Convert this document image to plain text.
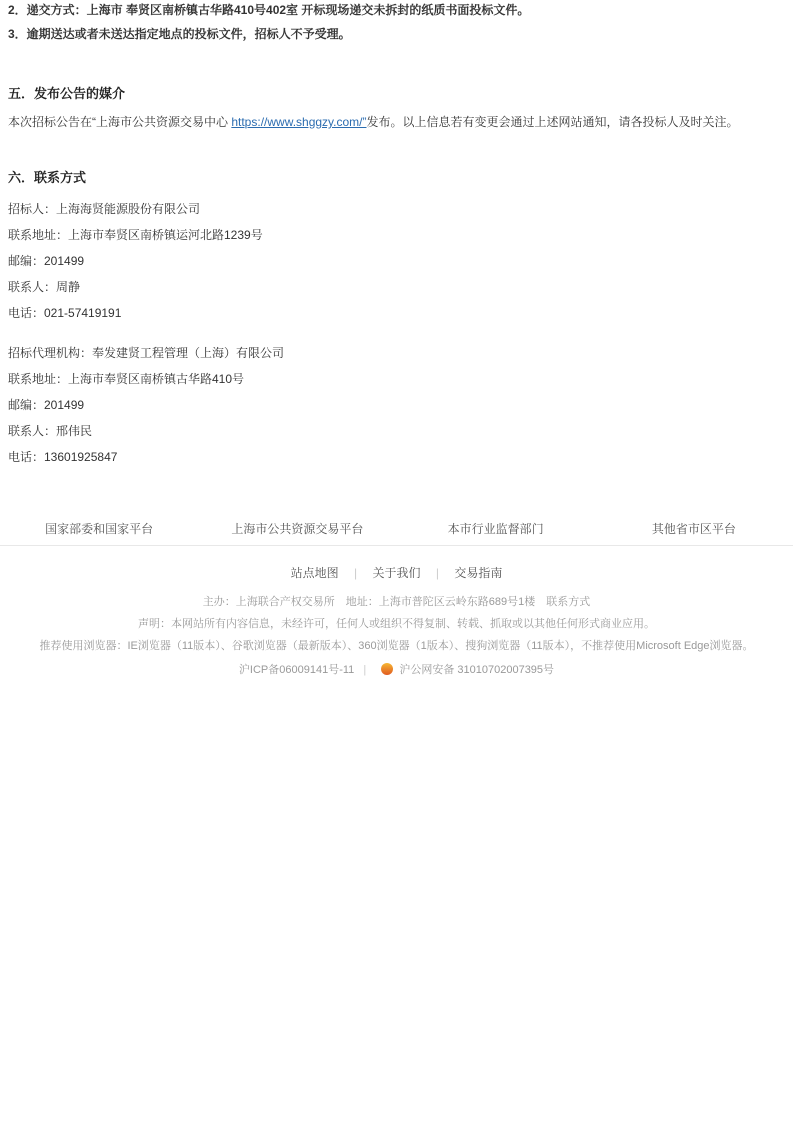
2．递交方式：上海市 奉贤区南桥镇古华路410号402室 开标现场递交未拆封的纸质书面投标文件。

3．逾期送达或者未送达指定地点的投标文件，招标人不予受理。

五．发布公告的媒介

本次招标公告在“上海市公共资源交易中心 https://www.shggzy.com/”发布。以上信息若有变更会通过上述网站通知，请各投标人及时关注。

六．联系方式

招标人：上海海贤能源股份有限公司

联系地址：上海市奉贤区南桥镇运河北路1239号

邮编：201499

联系人：周静

电话：021-57419191

招标代理机构：奉发建贤工程管理（上海）有限公司

联系地址：上海市奉贤区南桥镇古华路410号

邮编：201499

联系人：邢伟民

电话：13601925847

国家部委和国家平台	上海市公共资源交易平台	本市行业监督部门	其他省市区平台
站点地图 | 关于我们 | 交易指南
主办：上海联合产权交易所　地址：上海市普陀区云岭东路689号1楼　联系方式
声明：本网站所有内容信息，未经许可，任何人或组织不得复制、转载、抓取或以其他任何形式商业应用。
推荐使用浏览器：IE浏览器（11版本）、谷歌浏览器（最新版本）、360浏览器（1版本）、搜狗浏览器（11版本），不推荐使用Microsoft Edge浏览器。
沪ICP备06009141号-11 |	沪公网安备 31010702007395号
